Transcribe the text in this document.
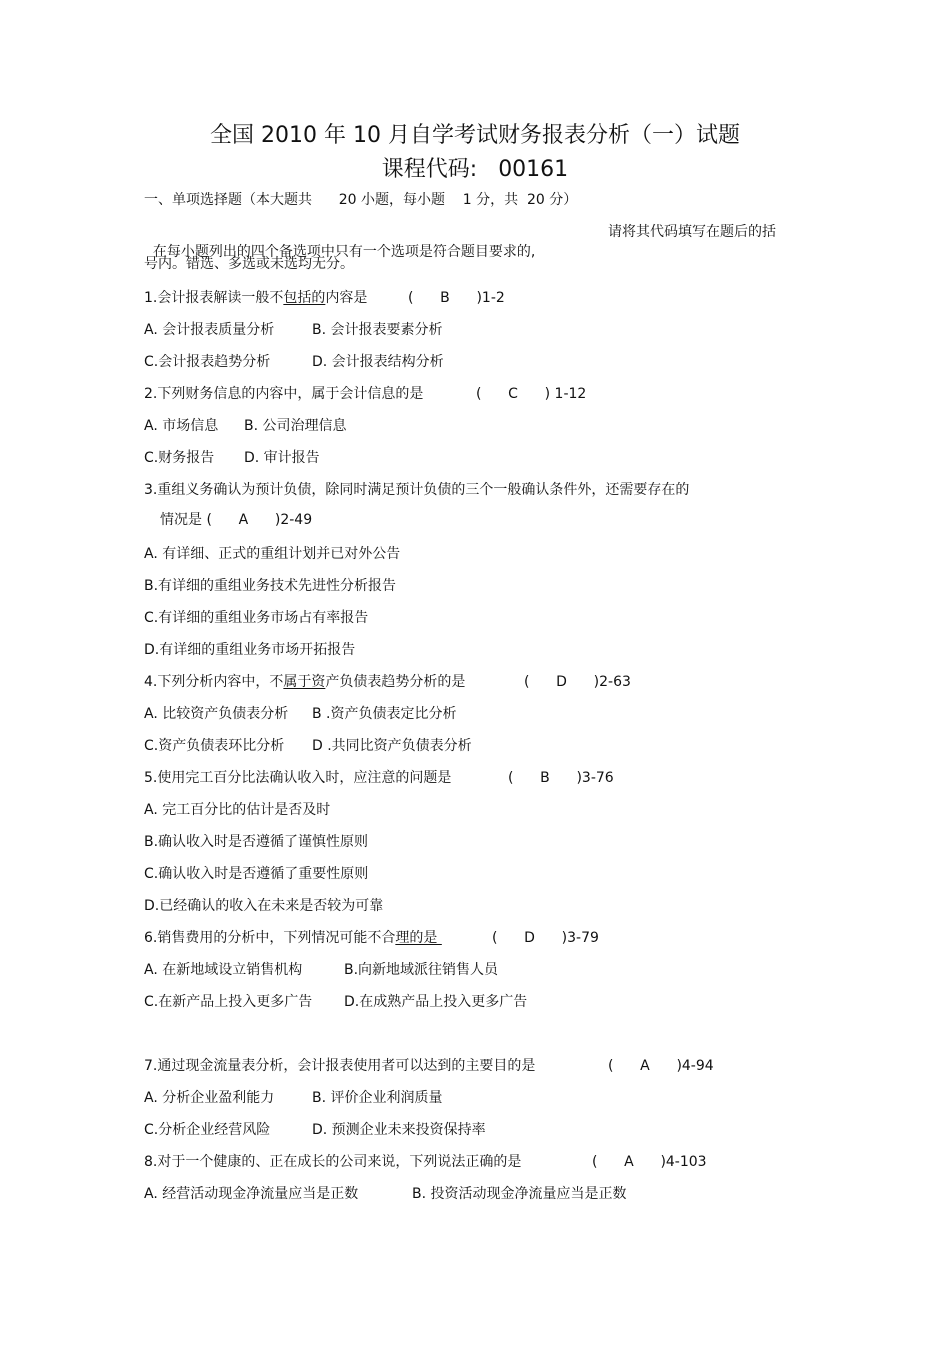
全国 2010 年 10 月自学考试财务报表分析（一）试题
课程代码:   00161
一、单项选择题（本大题共      20 小题，每小题    1 分，共  20 分）

在每小题列出的四个备选项中只有一个选项是符合题目要求的,

请将其代码填写在题后的括

号内。错选、多选或未选均无分。
1.会计报表解读一般不包括的内容是	(      B      )1-2
A. 会计报表质量分析	B. 会计报表要素分析
C.会计报表趋势分析	D. 会计报表结构分析
2.下列财务信息的内容中，属于会计信息的是	(      C      ) 1-12
A. 市场信息 B. 公司治理信息
C.财务报告 D. 审计报告
3.重组义务确认为预计负债，除同时满足预计负债的三个一般确认条件外，还需要存在的
情况是 (      A      )2-49
A. 有详细、正式的重组计划并已对外公告
B.有详细的重组业务技术先进性分析报告
C.有详细的重组业务市场占有率报告
D.有详细的重组业务市场开拓报告
4.下列分析内容中，不属于资产负债表趋势分析的是	(      D      )2-63
A. 比较资产负债表分析 B .资产负债表定比分析
C.资产负债表环比分析 D .共同比资产负债表分析
5.使用完工百分比法确认收入时，应注意的问题是	(      B      )3-76
A. 完工百分比的估计是否及时
B.确认收入时是否遵循了谨慎性原则
C.确认收入时是否遵循了重要性原则
D.已经确认的收入在未来是否较为可靠
6.销售费用的分析中，下列情况可能不合理的是	(      D      )3-79
A. 在新地域设立销售机构	B.向新地域派往销售人员
C.在新产品上投入更多广告 D.在成熟产品上投入更多广告
7.通过现金流量表分析，会计报表使用者可以达到的主要目的是	(      A      )4-94
A. 分析企业盈利能力	B. 评价企业利润质量
C.分析企业经营风险	D. 预测企业未来投资保持率
8.对于一个健康的、正在成长的公司来说，下列说法正确的是	(      A      )4-103
A. 经营活动现金净流量应当是正数	B. 投资活动现金净流量应当是正数
